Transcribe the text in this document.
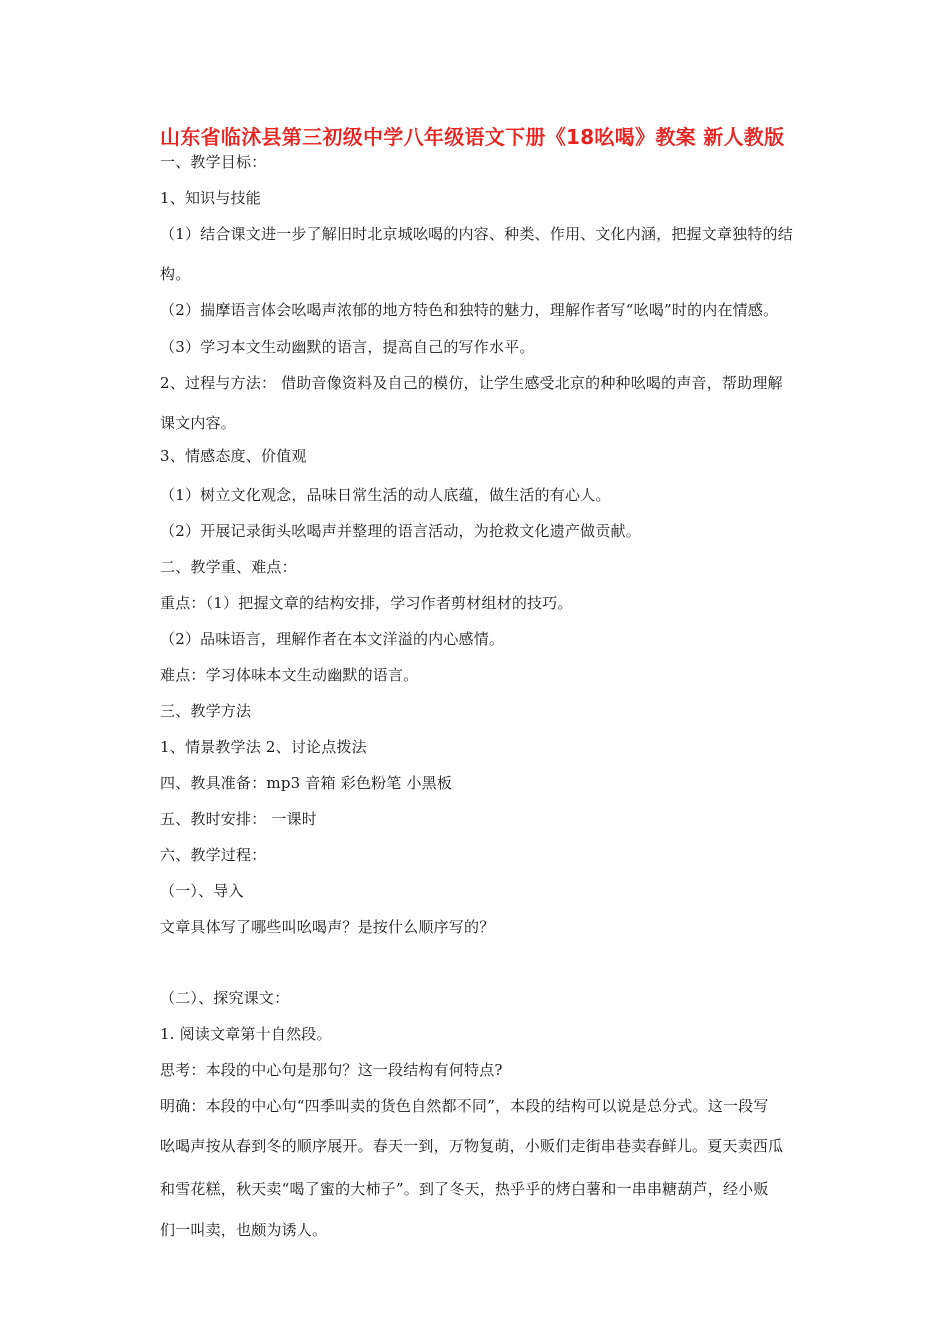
山东省临沭县第三初级中学八年级语文下册《18吆喝》教案 新人教版
一、教学目标：
1、知识与技能
（1）结合课文进一步了解旧时北京城吆喝的内容、种类、作用、文化内涵，把握文章独特的结
构。
（2）揣摩语言体会吆喝声浓郁的地方特色和独特的魅力，理解作者写“吆喝”时的内在情感。
（3）学习本文生动幽默的语言，提高自己的写作水平。
2、过程与方法： 借助音像资料及自己的模仿，让学生感受北京的种种吆喝的声音，帮助理解
课文内容。
3、情感态度、价值观
（1）树立文化观念，品味日常生活的动人底蕴，做生活的有心人。
（2）开展记录街头吆喝声并整理的语言活动，为抢救文化遗产做贡献。
二、教学重、难点：
重点：（1）把握文章的结构安排，学习作者剪材组材的技巧。
（2）品味语言，理解作者在本文洋溢的内心感情。
难点：学习体味本文生动幽默的语言。
三、教学方法
1、情景教学法 2、讨论点拨法
四、教具准备：mp3 音箱 彩色粉笔 小黑板
五、教时安排： 一课时
六、教学过程：
（一）、导入
文章具体写了哪些叫吆喝声？是按什么顺序写的？
（二）、探究课文：
1. 阅读文章第十自然段。
思考：本段的中心句是那句？这一段结构有何特点?
明确：本段的中心句“四季叫卖的货色自然都不同”，本段的结构可以说是总分式。这一段写
吆喝声按从春到冬的顺序展开。春天一到，万物复萌，小贩们走街串巷卖春鲜儿。夏天卖西瓜
和雪花糕，秋天卖“喝了蜜的大柿子”。到了冬天，热乎乎的烤白薯和一串串糖葫芦，经小贩
们一叫卖，也颇为诱人。
